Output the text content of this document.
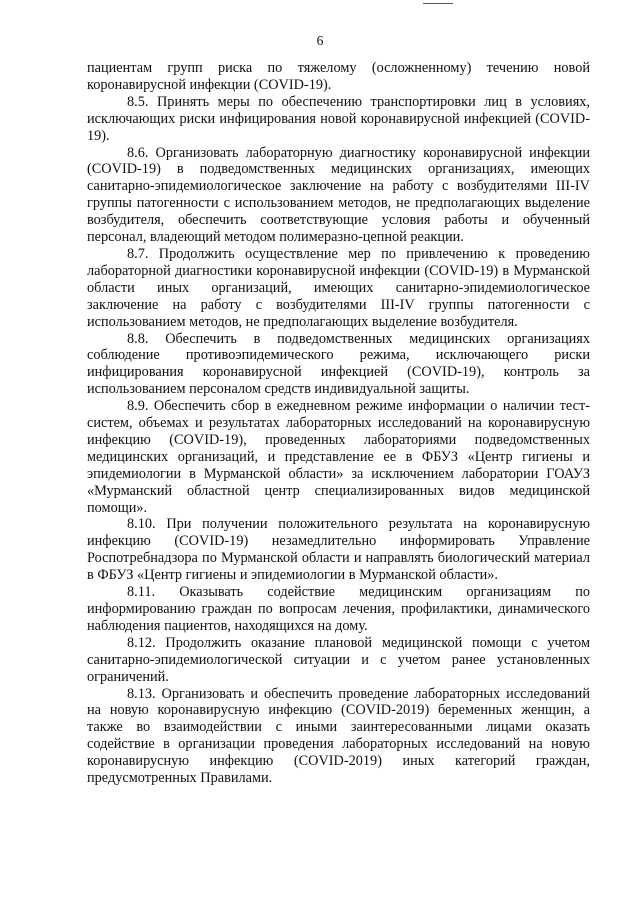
6

пациентам групп риска по тяжелому (осложненному) течению новой коронавирусной инфекции (COVID-19).

8.5. Принять меры по обеспечению транспортировки лиц в условиях, исключающих риски инфицирования новой коронавирусной инфекцией (COVID-19).

8.6. Организовать лабораторную диагностику коронавирусной инфекции (COVID-19) в подведомственных медицинских организациях, имеющих санитарно-эпидемиологическое заключение на работу с возбудителями III-IV группы патогенности с использованием методов, не предполагающих выделение возбудителя, обеспечить соответствующие условия работы и обученный персонал, владеющий методом полимеразно-цепной реакции.

8.7. Продолжить осуществление мер по привлечению к проведению лабораторной диагностики коронавирусной инфекции (COVID-19) в Мурманской области иных организаций, имеющих санитарно-эпидемиологическое заключение на работу с возбудителями III-IV группы патогенности с использованием методов, не предполагающих выделение возбудителя.

8.8. Обеспечить в подведомственных медицинских организациях соблюдение противоэпидемического режима, исключающего риски инфицирования коронавирусной инфекцией (COVID-19), контроль за использованием персоналом средств индивидуальной защиты.

8.9. Обеспечить сбор в ежедневном режиме информации о наличии тест-систем, объемах и результатах лабораторных исследований на коронавирусную инфекцию (COVID-19), проведенных лабораториями подведомственных медицинских организаций, и представление ее в ФБУЗ «Центр гигиены и эпидемиологии в Мурманской области» за исключением лаборатории ГОАУЗ «Мурманский областной центр специализированных видов медицинской помощи».

8.10. При получении положительного результата на коронавирусную инфекцию (COVID-19) незамедлительно информировать Управление Роспотребнадзора по Мурманской области и направлять биологический материал в ФБУЗ «Центр гигиены и эпидемиологии в Мурманской области».

8.11. Оказывать содействие медицинским организациям по информированию граждан по вопросам лечения, профилактики, динамического наблюдения пациентов, находящихся на дому.

8.12. Продолжить оказание плановой медицинской помощи с учетом санитарно-эпидемиологической ситуации и с учетом ранее установленных ограничений.

8.13. Организовать и обеспечить проведение лабораторных исследований на новую коронавирусную инфекцию (COVID-2019) беременных женщин, а также во взаимодействии с иными заинтересованными лицами оказать содействие в организации проведения лабораторных исследований на новую коронавирусную инфекцию (COVID-2019) иных категорий граждан, предусмотренных Правилами.
